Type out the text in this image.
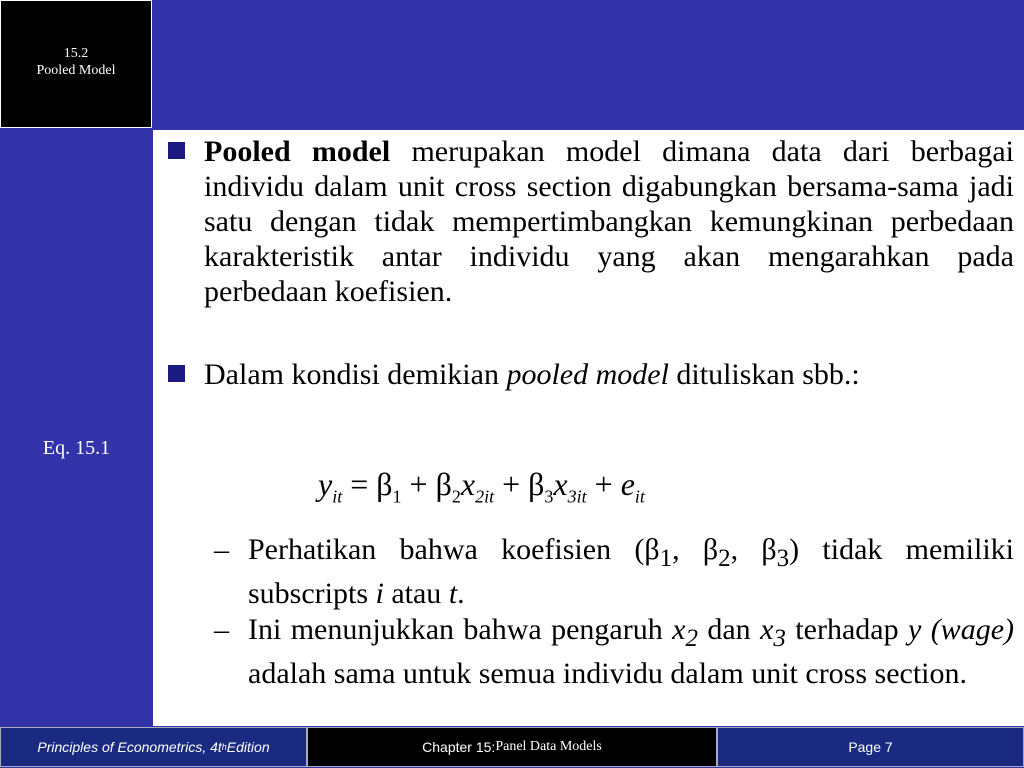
15.2
Pooled Model
Eq. 15.1
Pooled model merupakan model dimana data dari berbagai individu dalam unit cross section digabungkan bersama-sama jadi satu dengan tidak mempertimbangkan kemungkinan perbedaan karakteristik antar individu yang akan mengarahkan pada perbedaan koefisien.
Dalam kondisi demikian pooled model dituliskan sbb.:
$y_{it} = \beta_1 + \beta_2x_{2it} + \beta_3x_{3it} + e_{it}$
– Perhatikan bahwa koefisien ($\beta_1$, $\beta_2$, $\beta_3$) tidak memiliki subscripts i atau t.
– Ini menunjukkan bahwa pengaruh $x_2$ dan $x_3$ terhadap y (wage) adalah sama untuk semua individu dalam unit cross section.
Principles of Econometrics, 4t h Edition	Chapter 15: Panel Data Models	Page 7
